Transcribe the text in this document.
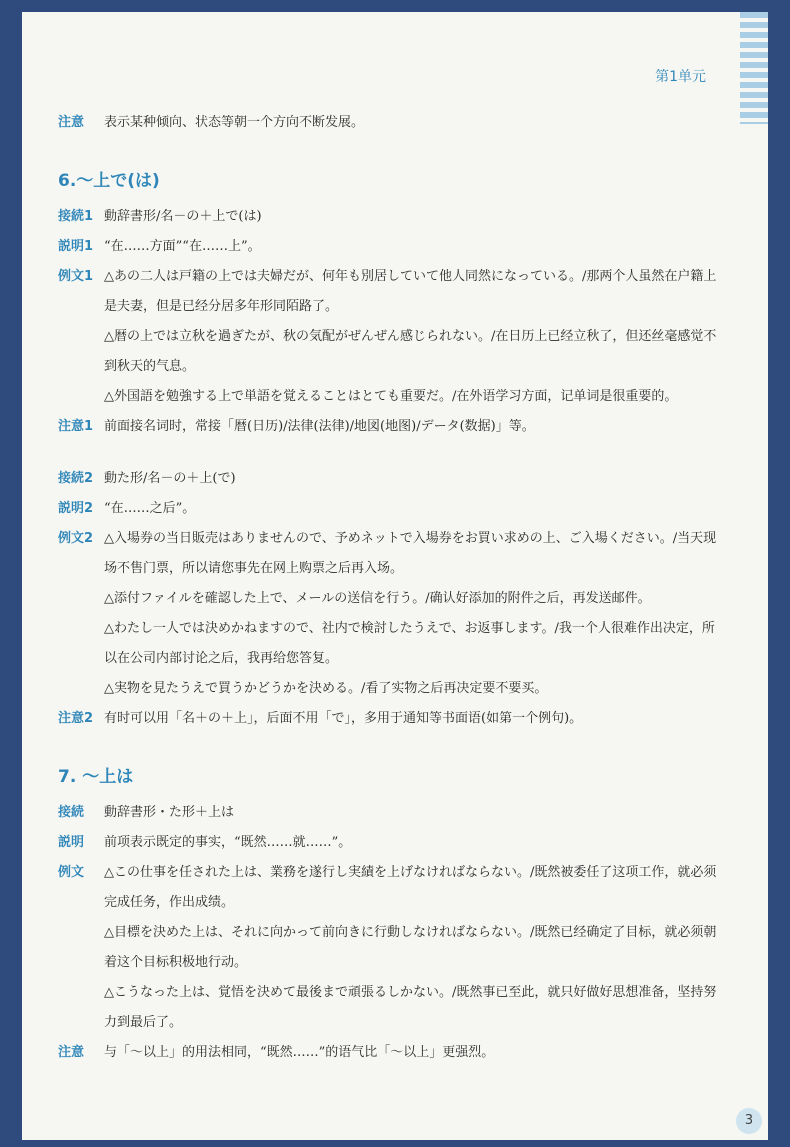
第1单元
注意	表示某种倾向、状态等朝一个方向不断发展。
6.～上で(は)
接続1 動辞書形/名－の＋上で(は)
説明1 “在……方面”“在……上”。
例文1 △あの二人は戸籍の上では夫婦だが、何年も別居していて他人同然になっている。/那两个人虽然在户籍上是夫妻，但是已经分居多年形同陌路了。
△暦の上では立秋を過ぎたが、秋の気配がぜんぜん感じられない。/在日历上已经立秋了，但还丝毫感觉不到秋天的气息。
△外国語を勉強する上で単語を覚えることはとても重要だ。/在外语学习方面，记单词是很重要的。
注意1 前面接名词时，常接「暦(日历)/法律(法律)/地図(地图)/データ(数据)」等。
接続2 動た形/名－の＋上(で)
説明2 “在……之后”。
例文2 △入場券の当日販売はありませんので、予めネットで入場券をお買い求めの上、ご入場ください。/当天现场不售门票，所以请您事先在网上购票之后再入场。
△添付ファイルを確認した上で、メールの送信を行う。/确认好添加的附件之后，再发送邮件。
△わたし一人では決めかねますので、社内で検討したうえで、お返事します。/我一个人很难作出决定，所以在公司内部讨论之后，我再给您答复。
△実物を見たうえで買うかどうかを決める。/看了实物之后再决定要不要买。
注意2 有时可以用「名＋の＋上」，后面不用「で」，多用于通知等书面语(如第一个例句)。
7. ～上は
接続	動辞書形・た形＋上は
説明	前项表示既定的事实，“既然……就……”。
例文	△この仕事を任された上は、業務を遂行し実績を上げなければならない。/既然被委任了这项工作，就必须完成任务，作出成绩。
△目標を決めた上は、それに向かって前向きに行動しなければならない。/既然已经确定了目标，就必须朝着这个目标积极地行动。
△こうなった上は、覚悟を決めて最後まで頑張るしかない。/既然事已至此，就只好做好思想准备，坚持努力到最后了。
注意	与「～以上」的用法相同，“既然……”的语气比「～以上」更强烈。
3
